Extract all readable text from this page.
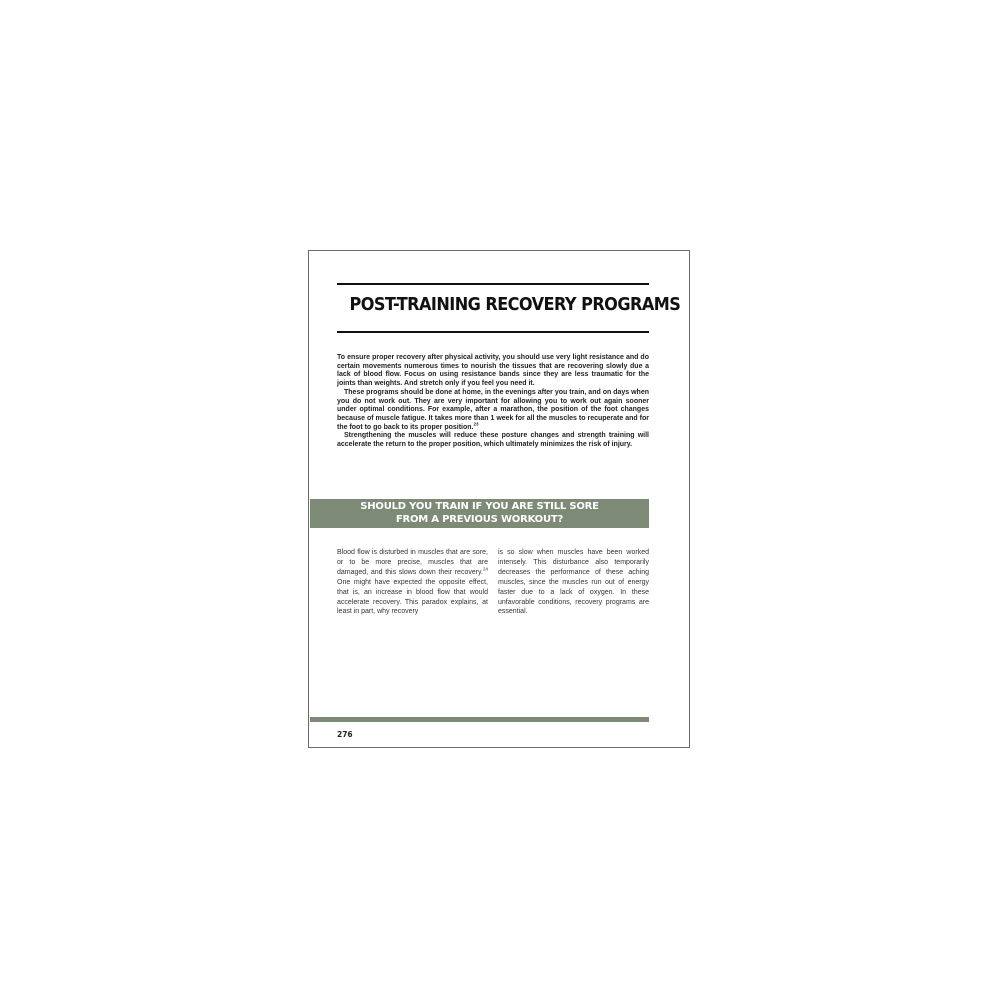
POST-TRAINING RECOVERY PROGRAMS

To ensure proper recovery after physical activity, you should use very light resistance and do certain movements numerous times to nourish the tissues that are recovering slowly due a lack of blood flow. Focus on using resistance bands since they are less traumatic for the joints than weights. And stretch only if you feel you need it.

These programs should be done at home, in the evenings after you train, and on days when you do not work out. They are very important for allowing you to work out again sooner under optimal conditions. For example, after a marathon, the position of the foot changes because of muscle fatigue. It takes more than 1 week for all the muscles to recuperate and for the foot to go back to its proper position.$^{23}$

Strengthening the muscles will reduce these posture changes and strength training will accelerate the return to the proper position, which ultimately minimizes the risk of injury.

SHOULD YOU TRAIN IF YOU ARE STILL SORE
FROM A PREVIOUS WORKOUT?
Blood flow is disturbed in muscles that are sore, or to be more precise, muscles that are damaged, and this slows down their recovery.$^{24}$ One might have expected the opposite effect, that is, an increase in blood flow that would accelerate recovery. This paradox explains, at least in part, why recovery
is so slow when muscles have been worked intensely. This disturbance also temporarily decreases the performance of these aching muscles, since the muscles run out of energy faster due to a lack of oxygen. In these unfavorable conditions, recovery programs are essential.
276
